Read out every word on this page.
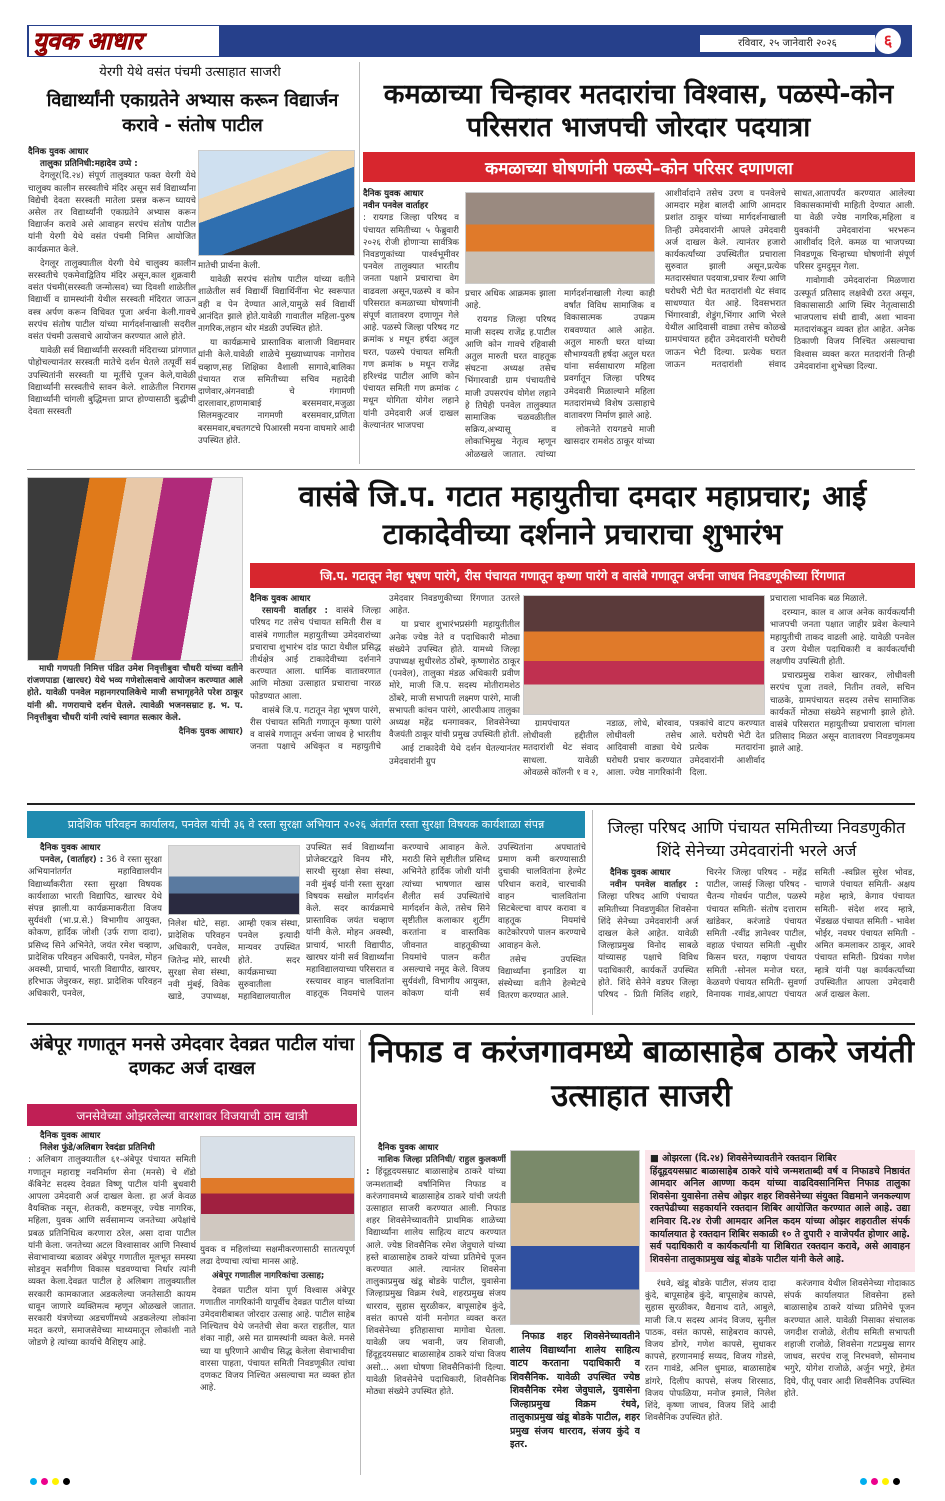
युवक आधार	रविवार, २५ जानेवारी २०२६	६
येरगी येथे वसंत पंचमी उत्साहात साजरी
विद्यार्थ्यांनी एकाग्रतेने अभ्यास करून विद्यार्जन करावे - संतोष पाटील
दैनिक युवक आधार
तालुका प्रतिनिधी:महादेव उप्पे :

देगलूर(दि.२४) संपूर्ण तालुक्यात फक्त येरगी येथे चालुक्य कालीन सरस्वतीचे मंदिर असून सर्व विद्यार्थ्यांना विद्येची देवता सरस्वती मातेला प्रसन्न करून घ्यायचे असेल तर विद्यार्थ्यांनी एकाग्रतेने अभ्यास करून विद्यार्जन करावे असे आवाहन सरपंच संतोष पाटील यांनी येरगी येथे वसंत पंचमी निमित्त आयोजित कार्यक्रमात केले.

देगलूर तालुक्यातील येरगी येथे चालुक्य कालीन सरस्वतीचे एकमेवाद्वितिय मंदिर असून,काल शुक्रवारी वसंत पंचमी(सरस्वती जन्मोत्सव) च्या दिवशी शाळेतील विद्यार्थी व ग्रामस्थांनी येथील सरस्वती मंदिरात जाऊन वस्त्र अर्पण करून विधिवत पूजा अर्चना केली.गावचे सरपंच संतोष पाटील यांच्या मार्गदर्शनाखाली सदरील वसंत पंचमी उत्सवाचे आयोजन करण्यात आले होते.

यावेळी सर्व विद्यार्थ्यांनी सरस्वती मंदिराच्या प्रांगणात पोहोचल्यानंतर सरस्वती मातेचे दर्शन घेतले तत्पूर्वी सर्व उपस्थितांनी सरस्वती या मूर्तीचे पूजन केले,यावेळी विद्यार्थ्यांनी सरस्वतीचे स्तवन केले. शाळेतील निरागस विद्यार्थ्यांनी चांगली बुद्धिमत्ता प्राप्त होण्यासाठी बुद्धीची देवता सरस्वती

मातेची प्रार्थना केली.

यावेळी सरपंच संतोष पाटील यांच्या वतीने शाळेतील सर्व विद्यार्थी विद्यार्थिनींना भेट स्वरूपात वही व पेन देण्यात आले,यामुळे सर्व विद्यार्थी आनंदित झाले होते.यावेळी गावातील महिला-पुरुष नागरिक,लहान थोर मंडळी उपस्थित होते.

या कार्यक्रमाचे प्रास्ताविक बालाजी विद्यमवार यांनी केले.यावेळी शाळेचे मुख्याध्यापक नागोराव चव्हाण,सह शिक्षिका वैशाली सागावे,बालिका पंचायत राज समितीच्या सचिव महादेवी दाणेवार,अंगनवाडी चे गंगामणी दारलावार,हाणमाबाई बरसमवार,मजुळा सिलमकुटवार नागमणी बरसमवार,प्रणिता बरसमवार,बचतगटचे पिआरसी मयना वाघमारे आदी उपस्थित होते.

कमळाच्या चिन्हावर मतदारांचा विश्वास, पळस्पे-कोन परिसरात भाजपची जोरदार पदयात्रा
कमळाच्या घोषणांनी पळस्पे–कोन परिसर दणाणला
दैनिक युवक आधार
नवीन पनवेल वार्ताहर

: रायगड जिल्हा परिषद व पंचायत समितीच्या ५ फेब्रुवारी २०२६ रोजी होणाऱ्या सार्वत्रिक निवडणुकांच्या पार्श्वभूमीवर पनवेल तालुक्यात भारतीय जनता पक्षाने प्रचाराचा वेग वाढवला असून,पळस्पे व कोन परिसरात कमळाच्या घोषणांनी संपूर्ण वातावरण दणाणून गेले आहे. पळस्पे जिल्हा परिषद गट क्रमांक ४ मधून हर्षदा अतुल घरत, पळस्पे पंचायत समिती गण क्रमांक ७ मधून राजेंद्र हरिश्चंद्र पाटील आणि कोन पंचायत समिती गण क्रमांक ८ मधून योगिता योगेश लहाने यांनी उमेदवारी अर्ज दाखल केल्यानंतर भाजपचा

प्रचार अधिक आक्रमक झाला आहे.

रायगड जिल्हा परिषद माजी सदस्य राजेंद्र ह.पाटील आणि कोन गावचे रहिवासी अतुल मारुती घरत वाहतूक संघटना अध्यक्ष तसेच भिंगारवाडी ग्राम पंचायतीचे माजी उपसरपंच योगेश लहाने हे तिघेही पनवेल तालुक्यात सामाजिक चळवळीतील सक्रिय,अभ्यासू व लोकाभिमुख नेतृत्व म्हणून ओळखले जातात. त्यांच्या मार्गदर्शनाखाली गेल्या काही वर्षांत विविध सामाजिक व विकासात्मक उपक्रम राबवण्यात आले आहेत. अतुल मारुती घरत यांच्या सौभाग्यवती हर्षदा अतुल घरत यांना सर्वसाधारण महिला प्रवर्गातून जिल्हा परिषद उमेदवारी मिळाल्याने महिला मतदारांमध्ये विशेष उत्साहाचे वातावरण निर्माण झाले आहे.

लोकनेते रायगडचे माजी खासदार रामशेठ ठाकूर यांच्या

आशीर्वादाने तसेच उरण व पनवेलचे आमदार महेश बालदी आणि आमदार प्रशांत ठाकूर यांच्या मार्गदर्शनाखाली तिन्ही उमेदवारांनी आपले उमेदवारी अर्ज दाखल केले. त्यानंतर हजारो कार्यकर्त्यांच्या उपस्थितीत प्रचाराला सुरुवात झाली असून,प्रत्येक मतदारसंघात पदयात्रा,प्रचार रॅल्या आणि घरोघरी भेटी घेत मतदारांशी थेट संवाद साधण्यात येत आहे. दिवसभरात भिंगारवाडी, शेडुंग,भिंगार आणि भेरले येथील आदिवासी वाड्या तसेच कोळखे ग्रामपंचायत हद्दीत उमेदवारांनी घरोघरी जाऊन भेटी दिल्या. प्रत्येक घरात जाऊन मतदारांशी संवाद साधत,आतापर्यंत करण्यात आलेल्या विकासकामांची माहिती देण्यात आली. या वेळी ज्येष्ठ नागरिक,महिला व युवकांनी उमेदवारांना भरभरून आशीर्वाद दिले. कमळ या भाजपच्या निवडणूक चिन्हाच्या घोषणांनी संपूर्ण परिसर दुमदुमून गेला.

गावोगावी उमेदवारांना मिळणारा उत्स्फूर्त प्रतिसाद लक्षवेधी ठरत असून, विकासासाठी आणि स्थिर नेतृत्वासाठी भाजपलाच संधी द्यावी, अशा भावना मतदारांकडून व्यक्त होत आहेत. अनेक ठिकाणी विजय निश्चित असल्याचा विश्वास व्यक्त करत मतदारांनी तिन्ही उमेदवारांना शुभेच्छा दिल्या.

माघी गणपती निमित्त पंडित उमेश निवृत्तीबुवा चौधरी यांच्या वतीने रांजणपाडा (खारघर) येथे भव्य गणेशोत्सवाचे आयोजन करण्यात आले होते. यावेळी पनवेल महानगरपालिकेचे माजी सभागृहनेते परेश ठाकूर यांनी श्री. गणरायाचे दर्शन घेतले. त्यावेळी भजनसम्राट ह. भ. प. निवृत्तीबुवा चौधरी यांनी त्यांचे स्वागत सत्कार केले.

दैनिक युवक आधार)
वासंबे जि.प. गटात महायुतीचा दमदार महाप्रचार; आई टाकादेवीच्या दर्शनाने प्रचाराचा शुभारंभ
जि.प. गटातून नेहा भूषण पारंगे, रीस पंचायत गणातून कृष्णा पारंगे व वासंबे गणातून अर्चना जाधव निवडणूकीच्या रिंगणात
दैनिक युवक आधार

रसायनी वार्ताहर : वासंबे जिल्हा परिषद गट तसेच पंचायत समिती रीस व वासंबे गणातील महायुतीच्या उमेदवारांच्या प्रचाराचा शुभारंभ दांड फाटा येथील प्रसिद्ध तीर्थक्षेत्र आई टाकादेवीच्या दर्शनाने करण्यात आला. धार्मिक वातावरणात आणि मोठ्या उत्साहात प्रचाराचा नारळ फोडण्यात आला.

वासंबे जि.प. गटातून नेहा भूषण पारंगे, रीस पंचायत समिती गणातून कृष्णा पारंगे व वासंबे गणातून अर्चना जाधव हे भारतीय जनता पक्षाचे अधिकृत व महायुतीचे उमेदवार निवडणुकीच्या रिंगणात उतरले आहेत.

या प्रचार शुभारंभप्रसंगी महायुतीतील अनेक ज्येष्ठ नेते व पदाधिकारी मोठ्या संख्येने उपस्थित होते. यामध्ये जिल्हा उपाध्यक्ष सुधीरशेठ ठोंबरे, कृष्णाशेठ ठाकूर (पनवेल), तालुका मंडळ अधिकारी प्रवीण मोरे, माजी जि.प. सदस्य मोतीरामशेठ ठोंबरे, माजी सभापती लक्ष्मण पारंगे, माजी सभापती कांचन पारंगे, आरपीआय तालुका अध्यक्ष महेंद्र धनगावकर, शिवसेनेच्या वैजयंती ठाकूर यांची प्रमुख उपस्थिती होती.

आई टाकादेवी येथे दर्शन घेतल्यानंतर उमेदवारांनी ग्रुप

ग्रामपंचायत लोधीवली हद्दीतील मतदारांशी थेट संवाद साधला. यावेळी ओवळसे कॉलनी १ व २, नडाळ, लोधे, बोरवाव, लोधीवली तसेच आदिवासी वाड्या येथे घरोघरी प्रचार करण्यात आला. ज्येष्ठ नागरिकांनी पत्रकांचे वाटप करण्यात आले. घरोघरी भेटी देत प्रत्येक मतदारांना उमेदवारांनी आशीर्वाद दिला.

प्रचाराला भावनिक बळ मिळाले.

दरम्यान, काल व आज अनेक कार्यकर्त्यांनी भाजपची जनता पक्षात जाहीर प्रवेश केल्याने महायुतीची ताकद वाढली आहे. यावेळी पनवेल व उरण येथील पदाधिकारी व कार्यकर्त्यांची लक्षणीय उपस्थिती होती.

प्रचारप्रमुख राकेश खारकर, लोधीवली सरपंच पूजा तवले, नितीन तवले, सचिन चाळके, ग्रामपंचायत सदस्य तसेच सामाजिक कार्यकर्ते मोठ्या संख्येने सहभागी झाले होते. वासंबे परिसरात महायुतीच्या प्रचाराला चांगला प्रतिसाद मिळत असून वातावरण निवडणूकमय झाले आहे.

प्रादेशिक परिवहन कार्यालय, पनवेल यांची ३६ वे रस्ता सुरक्षा अभियान २०२६ अंतर्गत रस्ता सुरक्षा विषयक कार्यशाळा संपन्न
दैनिक युवक आधार

पनवेल, (वार्ताहर) : 36 वे रस्ता सुरक्षा अभियानांतर्गत महाविद्यालयीन विद्यार्थ्यांकरीता रस्ता सुरक्षा विषयक कार्यशाळा भारती विद्यापिठ, खारघर येथे संपन्न झाली.या कार्यक्रमाकरीता विजय सुर्यवंशी (भा.प्र.से.) विभागीय आयुक्त, कोकण, हार्दिक जोशी (उर्फ राणा दादा), प्रसिध्द सिने अभिनेते, जयंत रमेश चव्हाण, प्रादेशिक परिवहन अधिकारी, पनवेल, मोहन अवस्थी, प्राचार्य, भारती विद्यापीठ, खारघर, हरिभाऊ जेवुरकर, सहा. प्रादेशिक परिवहन अधिकारी, पनवेल,

निलेश धोटे, सहा. प्रादेशिक परिवहन अधिकारी, पनवेल, जितेन्द्र मोरे, सारथी सुरक्षा सेवा संस्था, नवी मुंबई, विवेक खाडे, उपाध्यक्ष, आम्ही एकत्र संस्था, पनवेल इत्यादी मान्यवर उपस्थित होते. सदर कार्यक्रमाच्या सुरुवातीला महाविद्यालयातील

उपस्थित सर्व विद्यार्थ्यांना प्रोजेक्टरद्वारे विनय मौरे, सारथी सुरक्षा सेवा संस्था, नवी मुंबई यांनी रस्ता सुरक्षा विषयक सखोल मार्गदर्शन केले. सदर कार्यक्रमाचे प्रास्ताविक जयंत चव्हाण यांनी केले. मोहन अवस्थी, प्राचार्य, भारती विद्यापीठ, खारघर यांनी सर्व विद्यार्थ्यांना महाविद्यालयाच्या परिसरात व रस्त्यावर वाहन चालवितांना वाहतूक नियमांचे पालन करण्याचे आवाहन केले. मराठी सिने सृष्टीतील प्रसिध्द अभिनेते हार्दिक जोशी यांनी त्यांच्या भाषणात खास शैलीत सर्व उपस्थितांचे मार्गदर्शन केले, तसेच सिने सृष्टीतील कलाकार शुटींग करतांना व वास्तविक जीवनात वाहतूकीच्या नियमांचे पालन करीत असल्याचे नमूद केले. विजय सुर्यवंशी, विभागीय आयुक्त, कोकण यांनी सर्व उपस्थितांना अपघातांचे प्रमाण कमी करण्यासाठी दुचाकी चालवितांना हेल्मेट परिधान करावे, चारचाकी वाहन चालवितांना सिटबेल्टचा वापर करावा व वाहतूक नियमांचे काटेकोरपणे पालन करण्याचे आवाहन केले.

तसेच उपस्थित विद्यार्थ्यांना इनाडिल या संस्थेच्या वतीने हेल्मेटचे वितरण करण्यात आले.

जिल्हा परिषद आणि पंचायत समितीच्या निवडणुकीत शिंदे सेनेच्या उमेदवारांनी भरले अर्ज
दैनिक युवक आधार

नवीन पनवेल वार्ताहर : जिल्हा परिषद आणि पंचायत समितीच्या निवडणुकीत शिवसेना शिंदे सेनेच्या उमेदवारांनी अर्ज दाखल केले आहेत. यावेळी जिल्हाप्रमुख विनोद साबळे यांच्यासह पक्षाचे विविध पदाधिकारी, कार्यकर्ते उपस्थित होते. शिंदे सेनेने वडघर जिल्हा परिषद - प्रिती मिलिंद शहारे, चिरनेर जिल्हा परिषद - महेंद्र पाटील, जासई जिल्हा परिषद - चैतन्य गोवर्धन पाटील, पळस्पे पंचायत समिती- संतोष दत्ताराम खांडेकर, करंजाडे पंचायत समिती -रवींद्र ज्ञानेश्वर पाटील, वहाळ पंचायत समिती -सुधीर किसन घरत, गव्हाण पंचायत समिती -सोनल मनोज घरत, केळवणे पंचायत समिती- सुवर्णा विनायक गावंड,आपटा पंचायत समिती -स्वप्निल सुरेश भोवड, चाणजे पंचायत समिती- अक्षय महेश म्हात्रे, केगाव पंचायत समिती- संदेश शरद म्हात्रे, भेंडखळ पंचायत समिती - भावेश भोईर, नवघर पंचायत समिती - अमित कमलाकर ठाकूर, आवरे पंचायत समिती- प्रियंका गणेश म्हात्रे यांनी पक्ष कार्यकर्त्यांच्या उपस्थितीत आपला उमेदवारी अर्ज दाखल केला.

अंबेपूर गणातून मनसे उमेदवार देवव्रत पाटील यांचा दणकट अर्ज दाखल
जनसेवेच्या ओझरलेल्या वारशावर विजयाची ठाम खात्री
दैनिक युवक आधार
निलेश फुंडे/अलिबाग रेवदंडा प्रतिनिधी

: अलिबाग तालुक्यातील ६१-अंबेपूर पंचायत समिती गणातून महाराष्ट्र नवनिर्माण सेना (मनसे) चे शॅडो कॅबिनेट सदस्य देवव्रत विष्णू पाटील यांनी बुधवारी आपला उमेदवारी अर्ज दाखल केला. हा अर्ज केवळ वैयक्तिक नसून, शेतकरी, कष्टमजूर, ज्येष्ठ नागरिक, महिला, युवक आणि सर्वसामान्य जनतेच्या अपेक्षांचे प्रबळ प्रतिनिधित्व करणारा ठरेल, असा दावा पाटील यांनी केला. जनतेच्या अटल विश्वासावर आणि निस्वार्थ सेवाभावाच्या बळावर अंबेपूर गणातील मूलभूत समस्या सोडवून सर्वांगीण विकास घडवण्याचा निर्धार त्यांनी व्यक्त केला.देवव्रत पाटील हे अलिबाग तालुक्यातील सरकारी कामकाजात अडकलेल्या जनतेसाठी कायम धावून जाणारे व्यक्तिमत्व म्हणून ओळखले जातात. सरकारी यंत्रणेच्या अडचणींमध्ये अडकलेल्या लोकांना मदत करणे, समाजसेवेच्या माध्यमातून लोकांशी नाते जोडणे हे त्यांच्या कार्याचे वैशिष्ट्य आहे.

युवक व महिलांच्या सक्षमीकरणासाठी सातत्यपूर्ण लढा देण्याचा त्यांचा मानस आहे.

अंबेपूर गणातील नागरिकांचा उत्साह;

देवव्रत पाटील यांना पूर्ण विश्वास अंबेपूर गणातील नागरिकांनी यापूर्वीच देवव्रत पाटील यांच्या उमेदवारीबाबत जोरदार उत्साह आहे. पाटील साहेब निश्चितच येथे जनतेची सेवा करत राहतील, यात शंका नाही, असे मत ग्रामस्थांनी व्यक्त केले. मनसे च्या या धुरिणाने आधीच सिद्ध केलेला सेवाभावीचा वारसा पाहता, पंचायत समिती निवडणूकीत त्यांचा दणकट विजय निश्चित असल्याचा मत व्यक्त होत आहे.

निफाड व करंजगावमध्ये बाळासाहेब ठाकरे जयंती उत्साहात साजरी
दैनिक युवक आधार

नाशिक जिल्हा प्रतिनिधी/ राहुल कुलकर्णी : हिंदूहृदयसम्राट बाळासाहेब ठाकरे यांच्या जन्मशताब्दी वर्षानिमित्त निफाड व करंजगावमध्ये बाळासाहेब ठाकरे यांची जयंती उत्साहात साजरी करण्यात आली. निफाड शहर शिवसेनेच्यावतीने प्राथमिक शाळेच्या विद्यार्थ्यांना शालेय साहित्य वाटप करण्यात आले. ज्येष्ठ शिवसैनिक रमेश जेवुघाले यांच्या हस्ते बाळासाहेब ठाकरे यांच्या प्रतिमेचे पूजन करण्यात आले. त्यानंतर शिवसेना तालुकाप्रमुख खंडू बोडके पाटील, युवासेना जिल्हाप्रमुख विक्रम रंधवे, शहरप्रमुख संजय धारराव, सुहास सुरळीकर, बापूसाहेब कुंदे, वसंत कापसे यांनी मनोगत व्यक्त करत शिवसेनेच्या इतिहासाचा मागोवा घेतला. यावेळी जय भवानी, जय शिवाजी, हिंदूहृदयसम्राट बाळासाहेब ठाकरे यांचा विजय असो... अशा घोषणा शिवसैनिकांनी दिल्या. यावेळी शिवसेनेचे पदाधिकारी, शिवसैनिक मोठ्या संख्येने उपस्थित होते.

निफाड शहर शिवसेनेच्यावतीने शालेय विद्यार्थ्यांना शालेय साहित्य वाटप करताना पदाधिकारी व शिवसैनिक. यावेळी उपस्थित ज्येष्ठ शिवसैनिक रमेश जेवुघाले, युवासेना जिल्हाप्रमुख विक्रम रंधवे, तालुकाप्रमुख खंडू बोडके पाटील, शहर प्रमुख संजय धारराव, संजय कुंदे व इतर.

■ ओझरला (दि.२४) शिवसेनेच्यावतीने रक्तदान शिबिर
हिंदूहृदयसम्राट बाळासाहेब ठाकरे यांचे जन्मशताब्दी वर्ष व निफाडचे निष्ठावंत आमदार अनिल आण्णा कदम यांच्या वाढदिवसानिमित्त निफाड तालुका शिवसेना युवासेना तसेच ओझर शहर शिवसेनेच्या संयुक्त विद्यमाने जनकल्याण रक्तपेढीच्या सहकार्याने रक्तदान शिबिर आयोजित करण्यात आले आहे. उद्या शनिवार दि.२४ रोजी आमदार अनिल कदम यांच्या ओझर शहरातील संपर्क कार्यालयात हे रक्तदान शिबिर सकाळी १० ते दुपारी २ वाजेपर्यंत होणार आहे. सर्व पदाधिकारी व कार्यकर्त्यांनी या शिबिरात रक्तदान करावे, असे आवाहन शिवसेना तालुकाप्रमुख खंडू बोडके पाटील यांनी केले आहे.

रंधवे, खंडू बोडके पाटील, संजय दादा कुंदे, बापूसाहेब कुंदे, बापूसाहेब कापसे, सुहास सुरळीकर, वैद्यनाथ दाते, आबुले, माजी जि.प सदस्य आनंद विजय, सुनील पाठक, वसंत कापसे, साहेबराव कापसे, विजय डोंगरे, गणेश कापसे, सुधाकर कापसे, हरणानमाई सय्यद, विजय गोडसे, रतन गावंडे, अनिल धुमाळ, बाळासाहेब डांगरे, दिलीप कापसे, संजय शिरसाठ, विजय पोफळिया, मनोज इमाले, निलेश शिंदे, कृष्णा जाधव, विजय शिंदे आदी शिवसैनिक उपस्थित होते.

करंजगाव येथील शिवसेनेच्या गोदाकाठ संपर्क कार्यालयात शिवसेना हस्ते बाळासाहेब ठाकरे यांच्या प्रतिमेचे पूजन करण्यात आले. यावेळी निसाका संचालक जगदीश राजोळे, शेतीय समिती सभापती शहाजी राजोळे, शिवसेना गटप्रमुख सागर जाधव, सरपंच राजू निरभवणे, सोमनाथ भगुरे, योगेश राजोळे, अर्जुन भगुरे, हेमंत दिघे, पीतू पवार आदी शिवसैनिक उपस्थित होते.
